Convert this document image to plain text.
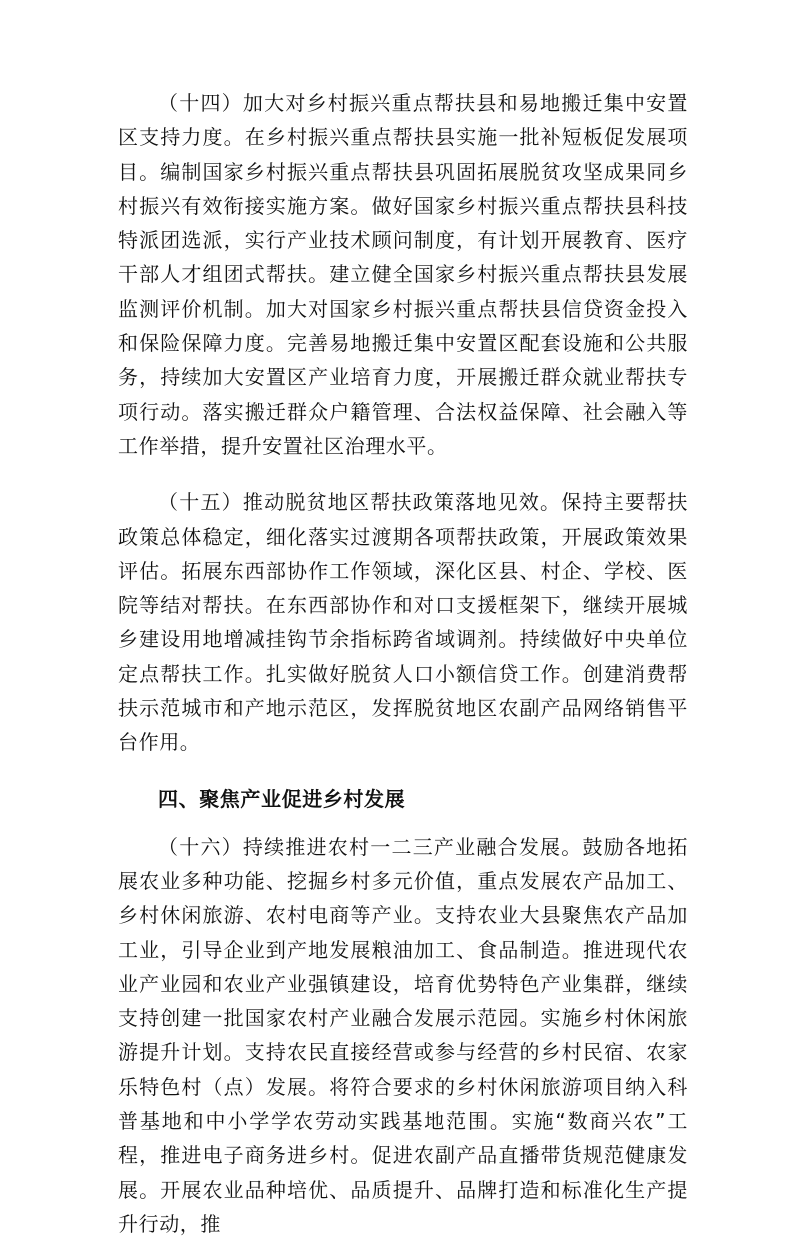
（十四）加大对乡村振兴重点帮扶县和易地搬迁集中安置区支持力度。在乡村振兴重点帮扶县实施一批补短板促发展项目。编制国家乡村振兴重点帮扶县巩固拓展脱贫攻坚成果同乡村振兴有效衔接实施方案。做好国家乡村振兴重点帮扶县科技特派团选派，实行产业技术顾问制度，有计划开展教育、医疗干部人才组团式帮扶。建立健全国家乡村振兴重点帮扶县发展监测评价机制。加大对国家乡村振兴重点帮扶县信贷资金投入和保险保障力度。完善易地搬迁集中安置区配套设施和公共服务，持续加大安置区产业培育力度，开展搬迁群众就业帮扶专项行动。落实搬迁群众户籍管理、合法权益保障、社会融入等工作举措，提升安置社区治理水平。

（十五）推动脱贫地区帮扶政策落地见效。保持主要帮扶政策总体稳定，细化落实过渡期各项帮扶政策，开展政策效果评估。拓展东西部协作工作领域，深化区县、村企、学校、医院等结对帮扶。在东西部协作和对口支援框架下，继续开展城乡建设用地增减挂钩节余指标跨省域调剂。持续做好中央单位定点帮扶工作。扎实做好脱贫人口小额信贷工作。创建消费帮扶示范城市和产地示范区，发挥脱贫地区农副产品网络销售平台作用。

四、聚焦产业促进乡村发展

（十六）持续推进农村一二三产业融合发展。鼓励各地拓展农业多种功能、挖掘乡村多元价值，重点发展农产品加工、乡村休闲旅游、农村电商等产业。支持农业大县聚焦农产品加工业，引导企业到产地发展粮油加工、食品制造。推进现代农业产业园和农业产业强镇建设，培育优势特色产业集群，继续支持创建一批国家农村产业融合发展示范园。实施乡村休闲旅游提升计划。支持农民直接经营或参与经营的乡村民宿、农家乐特色村（点）发展。将符合要求的乡村休闲旅游项目纳入科普基地和中小学学农劳动实践基地范围。实施“数商兴农”工程，推进电子商务进乡村。促进农副产品直播带货规范健康发展。开展农业品种培优、品质提升、品牌打造和标准化生产提升行动，推
